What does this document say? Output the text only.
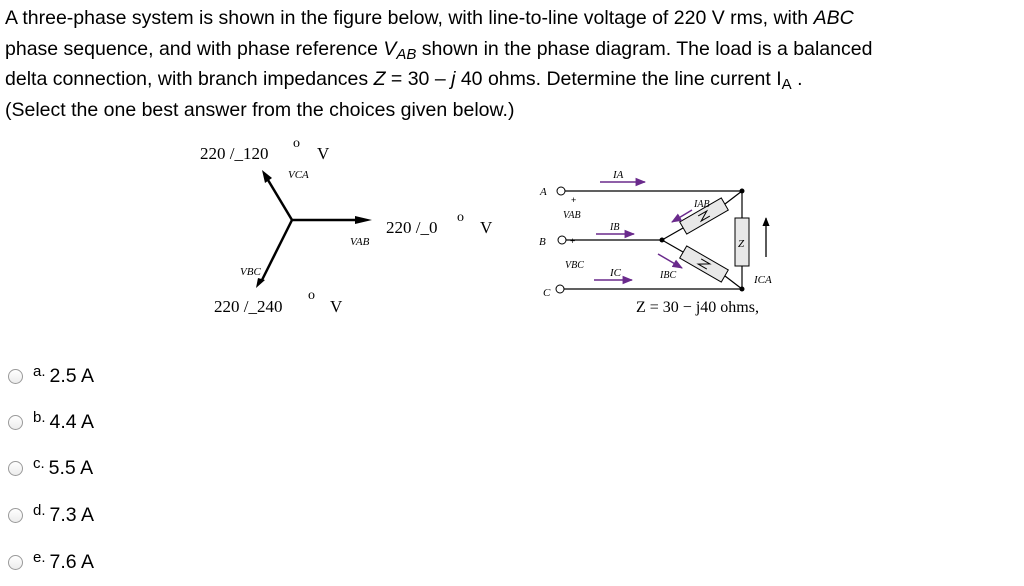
A three-phase system is shown in the figure below, with line-to-line voltage of 220 V rms, with ABC
phase sequence, and with phase reference $V_{AB}$ shown in the phase diagram. The load is a balanced
delta connection, with branch impedances Z = 30 – j 40 ohms. Determine the line current $I_A$ .
(Select the one best answer from the choices given below.)
220 /_120
o
V
VCA
220 /_0
o
V
VAB
VBC
220 /_240
o
V
A
B
C
+
+	Z
IA
VAB
IB
VBC
IC
IAB
IBC	ICA
Z = 30 − j40 ohms,
a. 2.5 A
b. 4.4 A
c. 5.5 A
d. 7.3 A
e. 7.6 A
